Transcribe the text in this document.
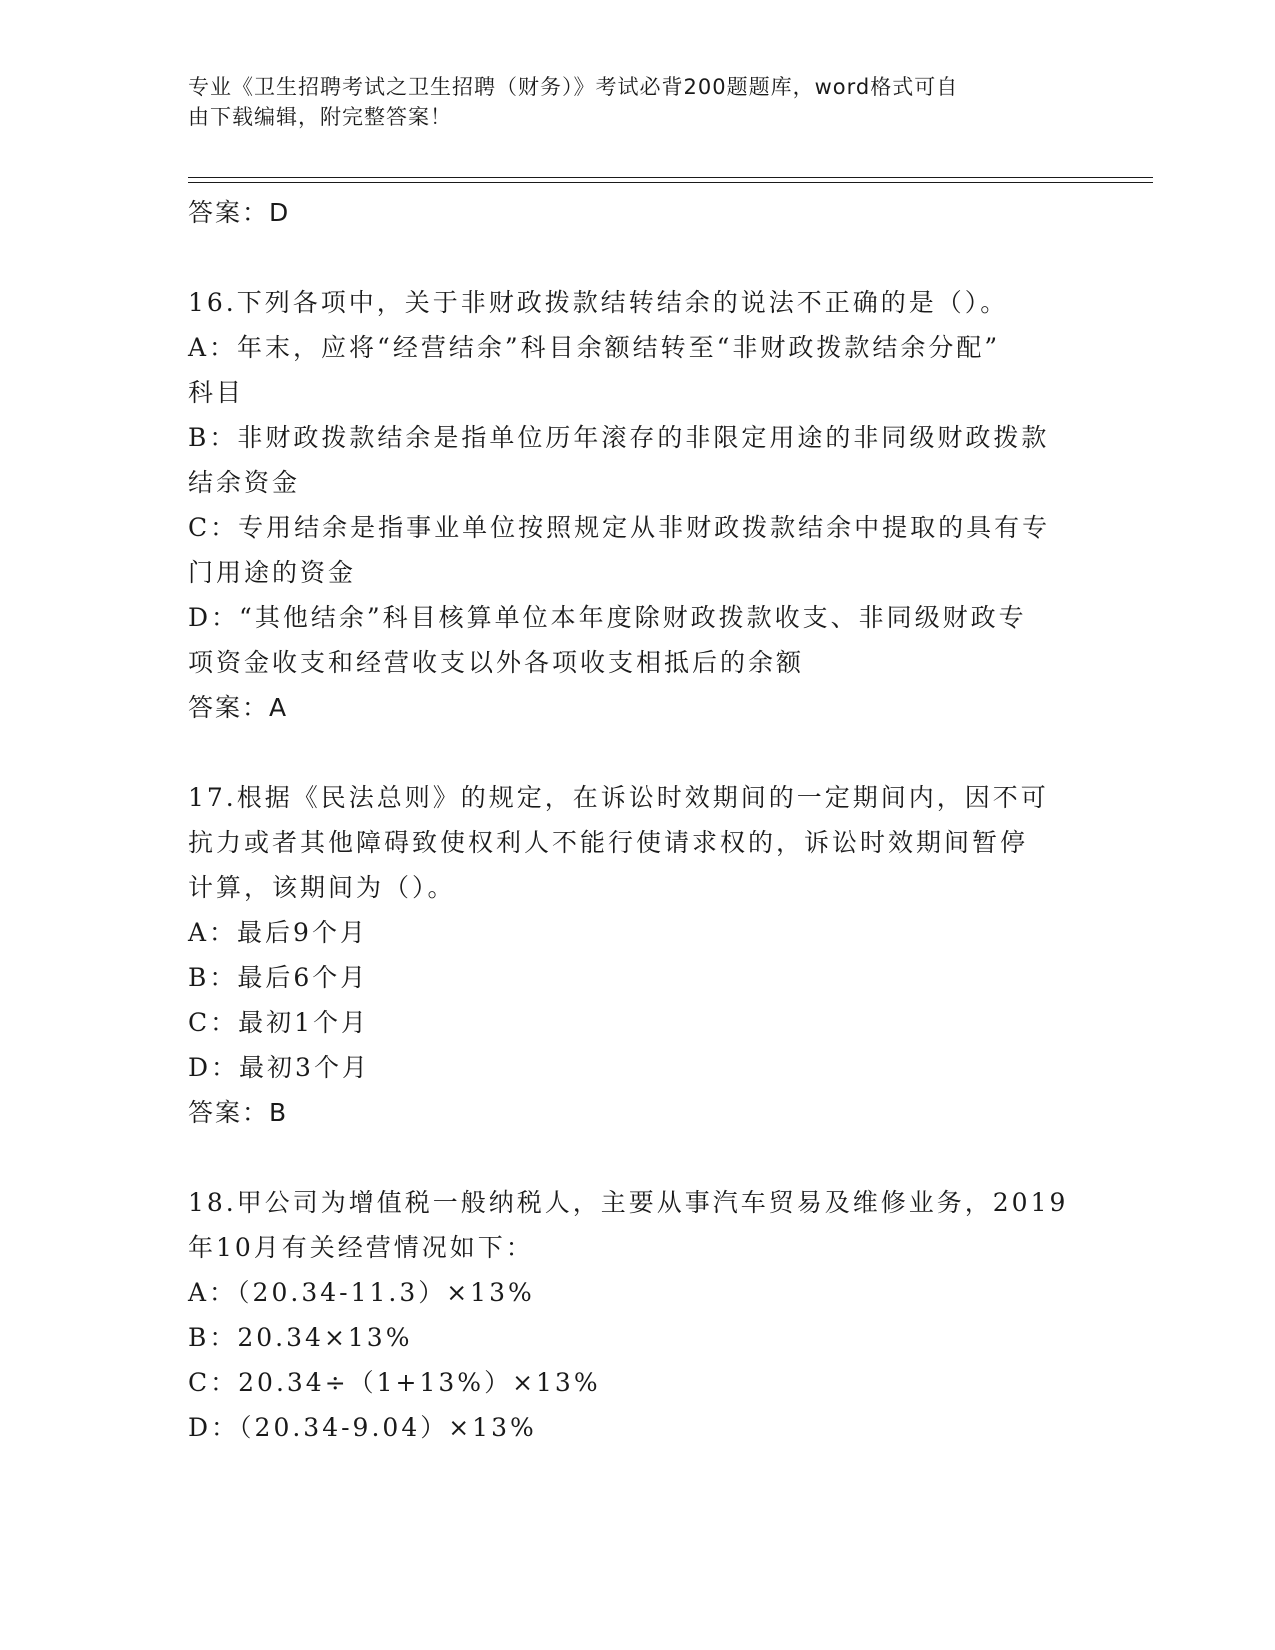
专业《卫生招聘考试之卫生招聘（财务）》考试必背200题题库，word格式可自
由下载编辑，附完整答案！
答案：D
16.下列各项中，关于非财政拨款结转结余的说法不正确的是（）。
A：年末，应将“经营结余”科目余额结转至“非财政拨款结余分配”
科目
B：非财政拨款结余是指单位历年滚存的非限定用途的非同级财政拨款
结余资金
C：专用结余是指事业单位按照规定从非财政拨款结余中提取的具有专
门用途的资金
D：“其他结余”科目核算单位本年度除财政拨款收支、非同级财政专
项资金收支和经营收支以外各项收支相抵后的余额
答案：A
17.根据《民法总则》的规定，在诉讼时效期间的一定期间内，因不可
抗力或者其他障碍致使权利人不能行使请求权的，诉讼时效期间暂停
计算，该期间为（）。
A：最后9个月
B：最后6个月
C：最初1个月
D：最初3个月
答案：B
18.甲公司为增值税一般纳税人，主要从事汽车贸易及维修业务，2019
年10月有关经营情况如下：
A：（20.34-11.3）×13%
B：20.34×13%
C：20.34÷（1+13%）×13%
D：（20.34-9.04）×13%
